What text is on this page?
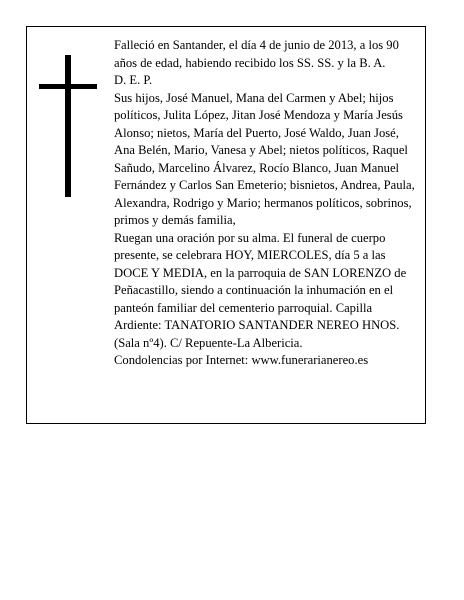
Falleció en Santander, el día 4 de junio de 2013, a los 90 años de edad, habiendo recibido los SS. SS. y la B. A.

D. E. P.

Sus hijos, José Manuel, Mana del Carmen y Abel; hijos políticos, Julita López, Jitan José Mendoza y María Jesús Alonso; nietos, María del Puerto, José Waldo, Juan José, Ana Belén, Mario, Vanesa y Abel; nietos políticos, Raquel Sañudo, Marcelino Álvarez, Rocío Blanco, Juan Manuel Fernández y Carlos San Emeterio; bisnietos, Andrea, Paula, Alexandra, Rodrigo y Mario; hermanos políticos, sobrinos, primos y demás familia,

Ruegan una oración por su alma. El funeral de cuerpo presente, se celebrara HOY, MIERCOLES, día 5 a las DOCE Y MEDIA, en la parroquia de SAN LORENZO de Peñacastillo, siendo a continuación la inhumación en el panteón familiar del cementerio parroquial. Capilla Ardiente: TANATORIO SANTANDER NEREO HNOS. (Sala nº4). C/ Repuente-La Albericia.

Condolencias por Internet: www.funerarianereo.es
